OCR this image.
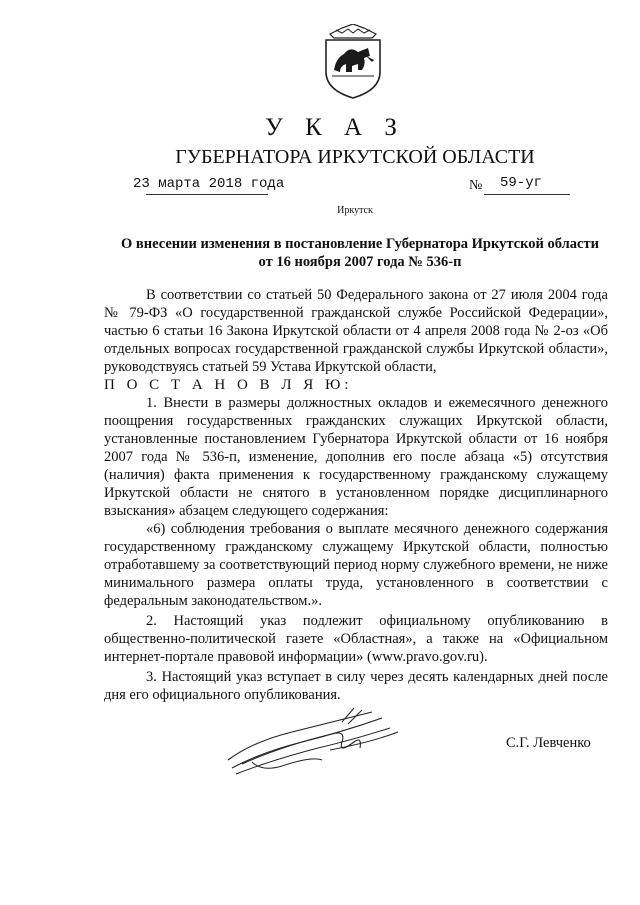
У К А З
ГУБЕРНАТОРА ИРКУТСКОЙ ОБЛАСТИ
23 марта 2018 года	№ 59-уг
Иркутск
О внесении изменения в постановление Губернатора Иркутской области
от 16 ноября 2007 года № 536-п

В соответствии со статьей 50 Федерального закона от 27 июля 2004 года № 79-ФЗ «О государственной гражданской службе Российской Федерации», частью 6 статьи 16 Закона Иркутской области от 4 апреля 2008 года № 2-оз «Об отдельных вопросах государственной гражданской службы Иркутской области», руководствуясь статьей 59 Устава Иркутской области,

П О С Т А Н О В Л Я Ю:

1. Внести в размеры должностных окладов и ежемесячного денежного поощрения государственных гражданских служащих Иркутской области, установленные постановлением Губернатора Иркутской области от 16 ноября 2007 года № 536-п, изменение, дополнив его после абзаца «5) отсутствия (наличия) факта применения к государственному гражданскому служащему Иркутской области не снятого в установленном порядке дисциплинарного взыскания» абзацем следующего содержания:

«6) соблюдения требования о выплате месячного денежного содержания государственному гражданскому служащему Иркутской области, полностью отработавшему за соответствующий период норму служебного времени, не ниже минимального размера оплаты труда, установленного в соответствии с федеральным законодательством.».

2. Настоящий указ подлежит официальному опубликованию в общественно-политической газете «Областная», а также на «Официальном интернет-портале правовой информации» (www.pravo.gov.ru).

3. Настоящий указ вступает в силу через десять календарных дней после дня его официального опубликования.

С.Г. Левченко
